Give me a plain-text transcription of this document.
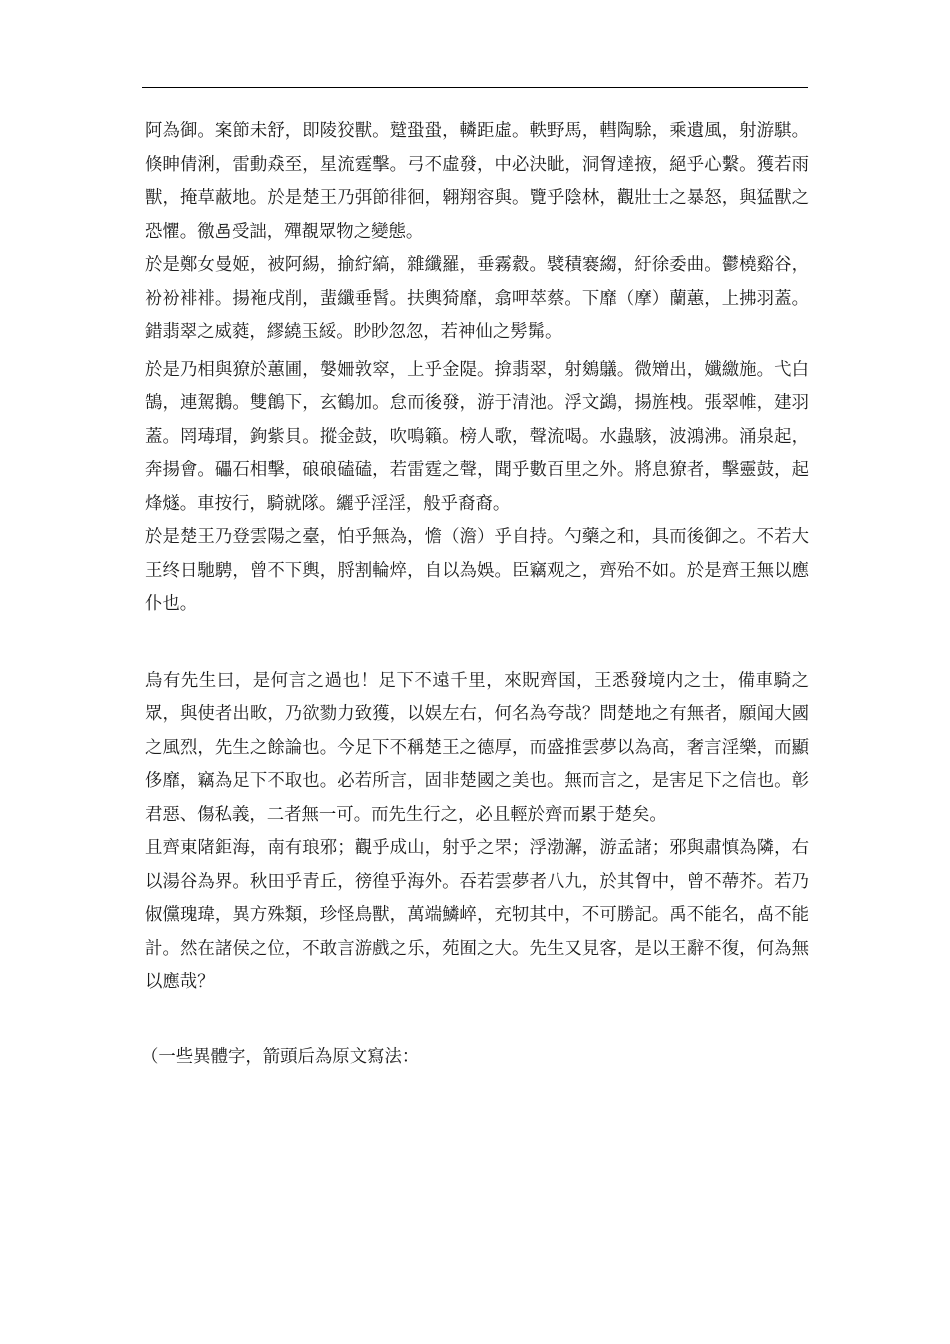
阿為御。案節未舒，即陵狡獸。蹵蛩蛩，轔距虛。軼野馬，轊陶駼，乘遺風，射游騏。倏眒倩浰，雷動猋至，星流霆擊。弓不虛發，中必決眦，洞胷達掖，絕乎心繫。獲若雨獸，掩草蔽地。於是楚王乃弭節徘徊，翱翔容與。覽乎陰林，觀壯士之暴怒，與猛獸之恐懼。徼𨙨受詘，殫覩眾物之變態。

於是鄭女曼姬，被阿緆，揄紵縞，雜纖羅，垂霧縠。襞積褰縐，紆徐委曲。鬱橈谿谷，衯衯裶裶。揚袘戌削，蜚纖垂髾。扶輿猗靡，翕呷萃蔡。下靡（摩）蘭蕙，上拂羽蓋。錯翡翠之威蕤，繆繞玉綏。眇眇忽忽，若神仙之髣髴。

於是乃相與獠於蕙圃，媻姍敦窣，上乎金隄。揜翡翠，射鵕鸃。微矰出，孅繳施。弋白鵠，連駕鵝。雙鶬下，玄鶴加。怠而後發，游于清池。浮文鷁，揚旌栧。張翠帷，建羽蓋。罔瑇瑁，鉤紫貝。摐金鼓，吹鳴籟。榜人歌，聲流喝。水蟲駭，波鴻沸。涌泉起，奔揚會。礧石相擊，硠硠磕磕，若雷霆之聲，聞乎數百里之外。將息獠者，擊靈鼓，起烽燧。車按行，騎就隊。纚乎淫淫，般乎裔裔。

於是楚王乃登雲陽之臺，怕乎無為，憺（澹）乎自持。勺藥之和，具而後御之。不若大王终日馳騁，曾不下輿，脟割輪焠，自以為娛。臣竊观之，齊殆不如。於是齊王無以應仆也。

烏有先生曰，是何言之過也！足下不遠千里，來貺齊国，王悉發境内之士，備車騎之眾，與使者出畋，乃欲勠力致獲，以娱左右，何名為夸哉？問楚地之有無者，願闻大國之風烈，先生之餘論也。今足下不稱楚王之德厚，而盛推雲夢以為高，奢言淫樂，而顯侈靡，竊為足下不取也。必若所言，固非楚國之美也。無而言之，是害足下之信也。彰君惡、傷私義，二者無一可。而先生行之，必且輕於齊而累于楚矣。

且齊東陼鉅海，南有琅邪；觀乎成山，射乎之罘；浮渤澥，游孟諸；邪與肅慎為隣，右以湯谷為界。秋田乎青丘，徬徨乎海外。吞若雲夢者八九，於其胷中，曾不蔕芥。若乃俶儻瑰瑋，異方殊類，珍怪鳥獸，萬端鱗崪，充牣其中，不可勝記。禹不能名，卨不能計。然在諸侯之位，不敢言游戲之乐，苑囿之大。先生又見客，是以王辭不復，何為無以應哉？

（一些異體字，箭頭后為原文寫法：
